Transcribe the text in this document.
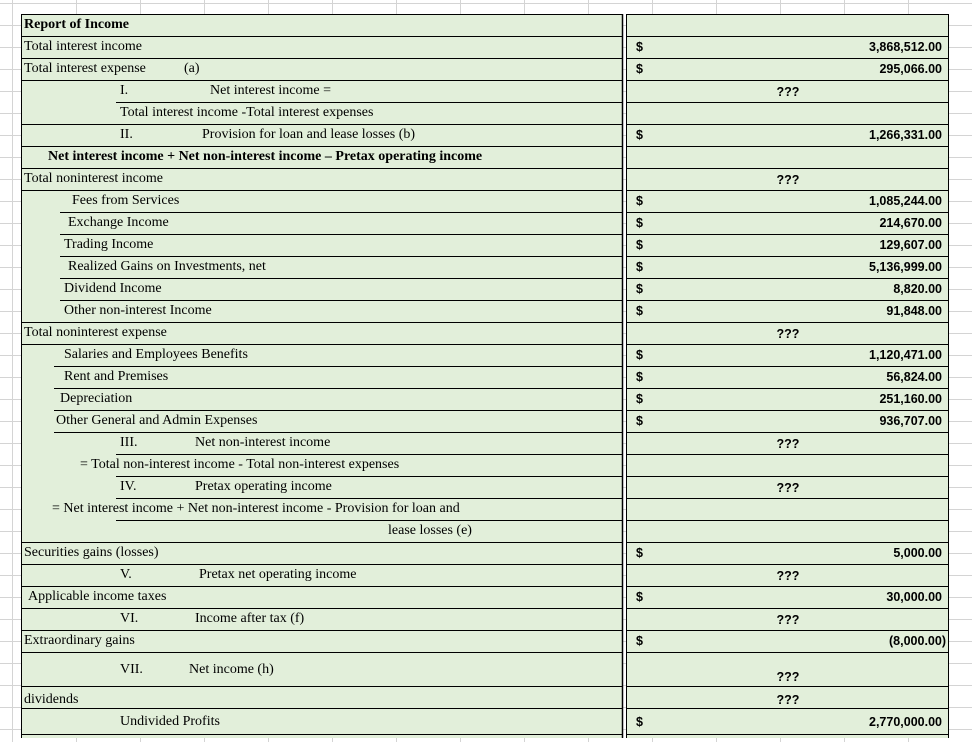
Report of Income
Total interest income	$	3,868,512.00
Total interest expense	(a)	$	295,066.00
I.	Net interest income =	???
Total interest income -Total interest expenses
II.	Provision for loan and lease losses (b)	$	1,266,331.00
Net interest income + Net non-interest income – Pretax operating income
Total noninterest income	???
Fees from Services	$	1,085,244.00
Exchange Income	$	214,670.00
Trading Income	$	129,607.00
Realized Gains on Investments, net	$	5,136,999.00
Dividend Income	$	8,820.00
Other non-interest Income	$	91,848.00
Total noninterest expense	???
Salaries and Employees Benefits	$	1,120,471.00
Rent and Premises	$	56,824.00
Depreciation	$	251,160.00
Other General and Admin Expenses	$	936,707.00
III.	Net non-interest income	???
= Total non-interest income - Total non-interest expenses
IV.	Pretax operating income	???
= Net interest income + Net non-interest income - Provision for loan and
lease losses (e)
Securities gains (losses)	$	5,000.00
V.	Pretax net operating income	???
Applicable income taxes	$	30,000.00
VI.	Income after tax (f)	???
Extraordinary gains	$	(8,000.00)
VII.	Net income (h)	???
dividends	???
Undivided Profits	$	2,770,000.00
